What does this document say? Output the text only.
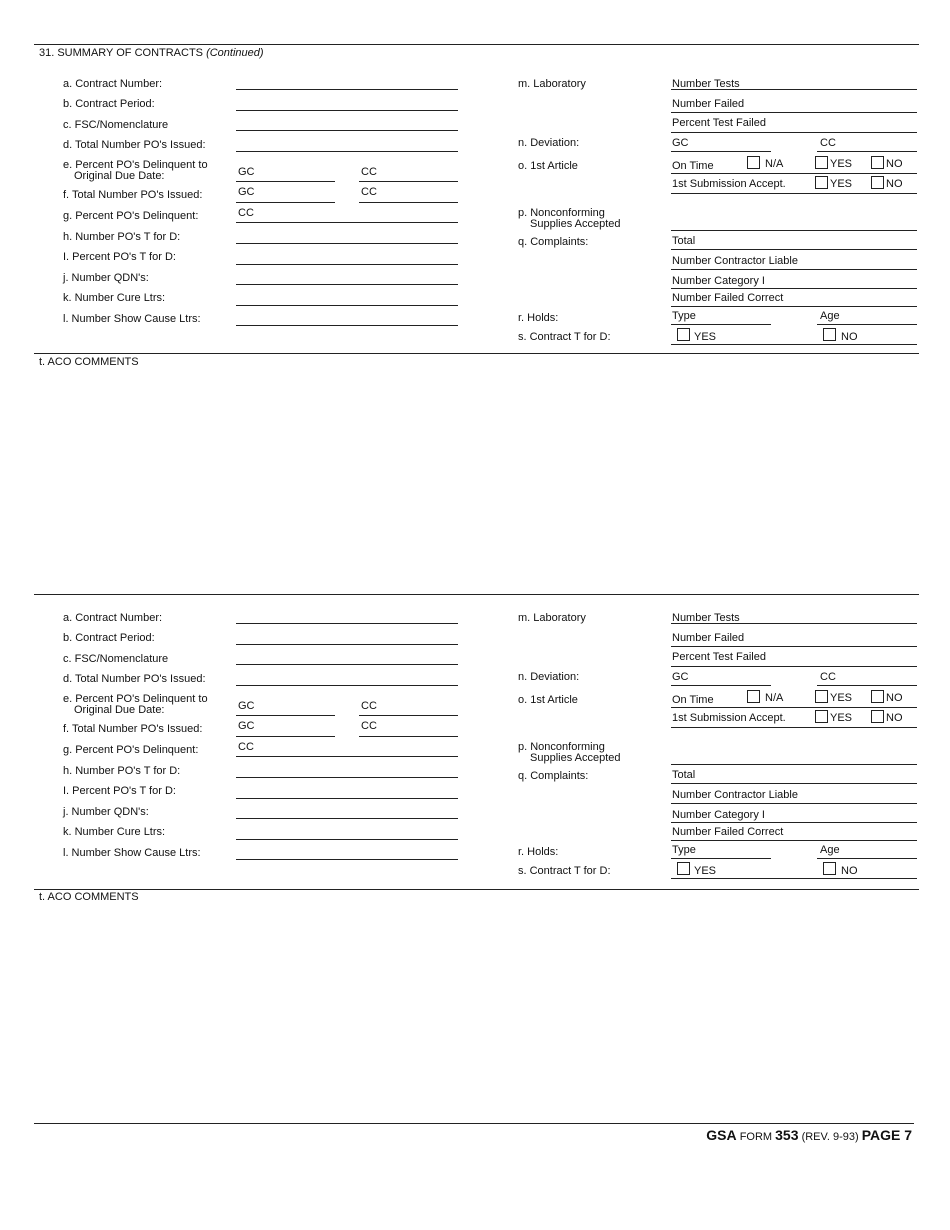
31. SUMMARY OF CONTRACTS (Continued)
a. Contract Number:
b. Contract Period:
c. FSC/Nomenclature
d. Total Number PO's Issued:
e. Percent PO's Delinquent to
Original Due Date:	GC	CC
f. Total Number PO's Issued:	GC	CC
g. Percent PO's Delinquent:	CC
h. Number PO's T for D:
I. Percent PO's T for D:
j. Number QDN's:
k. Number Cure Ltrs:
l. Number Show Cause Ltrs:
m. Laboratory	Number Tests
Number Failed
Percent Test Failed
n. Deviation:	GC	CC
o. 1st Article	On Time	N/A	YES	NO
1st Submission Accept.	YES	NO
p. Nonconforming
Supplies Accepted
q. Complaints:	Total
Number Contractor Liable
Number Category I
Number Failed Correct
r. Holds:	Type	Age
s. Contract T for D:	YES	NO
t. ACO COMMENTS
a. Contract Number:
b. Contract Period:
c. FSC/Nomenclature
d. Total Number PO's Issued:
e. Percent PO's Delinquent to
Original Due Date:	GC	CC
f. Total Number PO's Issued:	GC	CC
g. Percent PO's Delinquent:	CC
h. Number PO's T for D:
I. Percent PO's T for D:
j. Number QDN's:
k. Number Cure Ltrs:
l. Number Show Cause Ltrs:
m. Laboratory	Number Tests
Number Failed
Percent Test Failed
n. Deviation:	GC	CC
o. 1st Article	On Time	N/A	YES	NO
1st Submission Accept.	YES	NO
p. Nonconforming
Supplies Accepted
q. Complaints:	Total
Number Contractor Liable
Number Category I
Number Failed Correct
r. Holds:	Type	Age
s. Contract T for D:	YES	NO
t. ACO COMMENTS
GSA FORM 353 (REV. 9-93) PAGE 7
